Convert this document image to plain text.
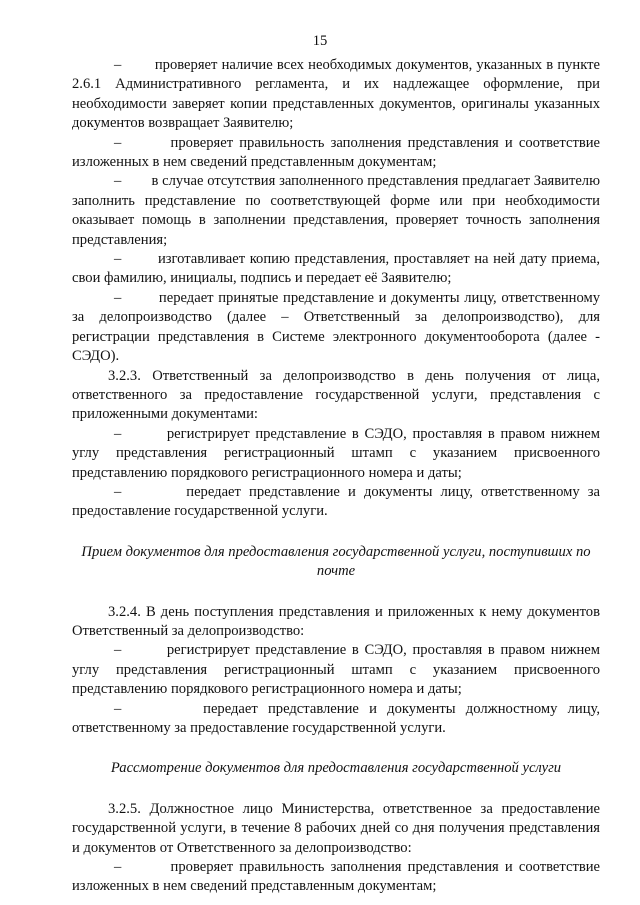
15

–        проверяет наличие всех необходимых документов, указанных в пункте 2.6.1 Административного регламента, и их надлежащее оформление, при необходимости заверяет копии представленных документов, оригиналы указанных документов возвращает Заявителю;

–        проверяет правильность заполнения представления и соответствие изложенных в нем сведений представленным документам;

–        в случае отсутствия заполненного представления предлагает Заявителю заполнить представление по соответствующей форме или при необходимости оказывает помощь в заполнении представления, проверяет точность заполнения представления;

–        изготавливает копию представления, проставляет на ней дату приема, свои фамилию, инициалы, подпись и передает её Заявителю;

–        передает принятые представление и документы лицу, ответственному за делопроизводство (далее – Ответственный за делопроизводство), для регистрации представления в Системе электронного документооборота (далее - СЭДО).

3.2.3. Ответственный за делопроизводство в день получения от лица, ответственного за предоставление государственной услуги, представления с приложенными документами:

–        регистрирует представление в СЭДО, проставляя в правом нижнем углу представления регистрационный штамп с указанием присвоенного представлению порядкового регистрационного номера и даты;

–        передает представление и документы лицу, ответственному за предоставление государственной услуги.

Прием документов для предоставления государственной услуги, поступивших по почте

3.2.4. В день поступления представления и приложенных к нему документов Ответственный за делопроизводство:

–        регистрирует представление в СЭДО, проставляя в правом нижнем углу представления регистрационный штамп с указанием присвоенного представлению порядкового регистрационного номера и даты;

–        передает представление и документы должностному лицу, ответственному за предоставление государственной услуги.

Рассмотрение документов для предоставления государственной услуги

3.2.5. Должностное лицо Министерства, ответственное за предоставление государственной услуги, в течение 8 рабочих дней со дня получения представления и документов от Ответственного за делопроизводство:

–        проверяет правильность заполнения представления и соответствие изложенных в нем сведений представленным документам;
